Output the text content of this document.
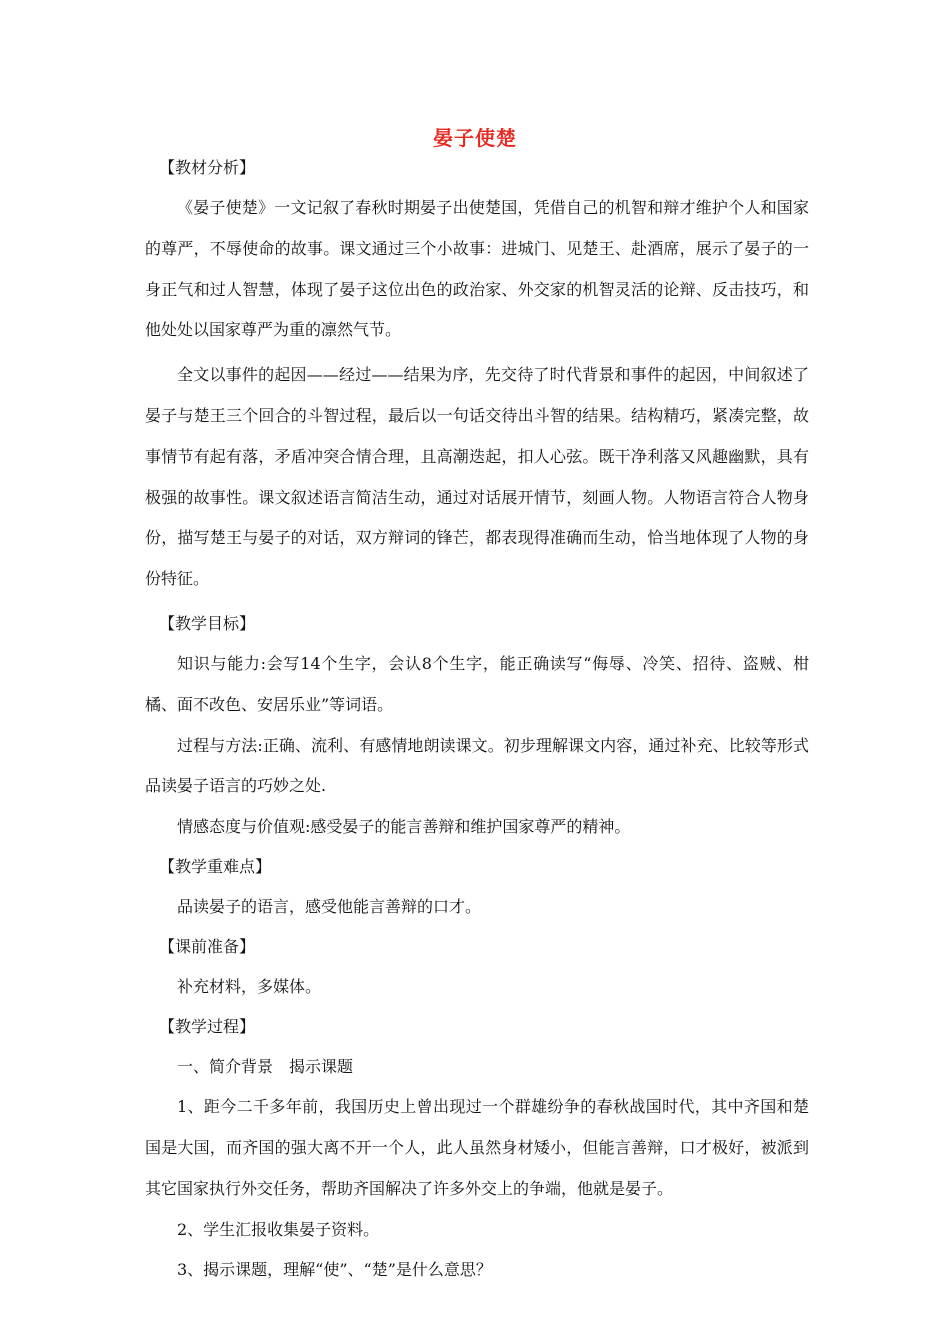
晏子使楚

【教材分析】

《晏子使楚》一文记叙了春秋时期晏子出使楚国，凭借自己的机智和辩才维护个人和国家的尊严，不辱使命的故事。课文通过三个小故事：进城门、见楚王、赴酒席，展示了晏子的一身正气和过人智慧，体现了晏子这位出色的政治家、外交家的机智灵活的论辩、反击技巧，和他处处以国家尊严为重的凛然气节。

全文以事件的起因——经过——结果为序，先交待了时代背景和事件的起因，中间叙述了晏子与楚王三个回合的斗智过程，最后以一句话交待出斗智的结果。结构精巧，紧凑完整，故事情节有起有落，矛盾冲突合情合理，且高潮迭起，扣人心弦。既干净利落又风趣幽默，具有极强的故事性。课文叙述语言简洁生动，通过对话展开情节，刻画人物。人物语言符合人物身份，描写楚王与晏子的对话，双方辩词的锋芒，都表现得准确而生动，恰当地体现了人物的身份特征。

【教学目标】

知识与能力:会写14个生字，会认8个生字，能正确读写“侮辱、冷笑、招待、盗贼、柑橘、面不改色、安居乐业”等词语。

过程与方法:正确、流利、有感情地朗读课文。初步理解课文内容，通过补充、比较等形式品读晏子语言的巧妙之处.

情感态度与价值观:感受晏子的能言善辩和维护国家尊严的精神。

【教学重难点】

品读晏子的语言，感受他能言善辩的口才。

【课前准备】

补充材料，多媒体。

【教学过程】

一、简介背景　揭示课题

1、距今二千多年前，我国历史上曾出现过一个群雄纷争的春秋战国时代，其中齐国和楚国是大国，而齐国的强大离不开一个人，此人虽然身材矮小，但能言善辩，口才极好，被派到其它国家执行外交任务，帮助齐国解决了许多外交上的争端，他就是晏子。

2、学生汇报收集晏子资料。

3、揭示课题，理解“使”、“楚”是什么意思？
